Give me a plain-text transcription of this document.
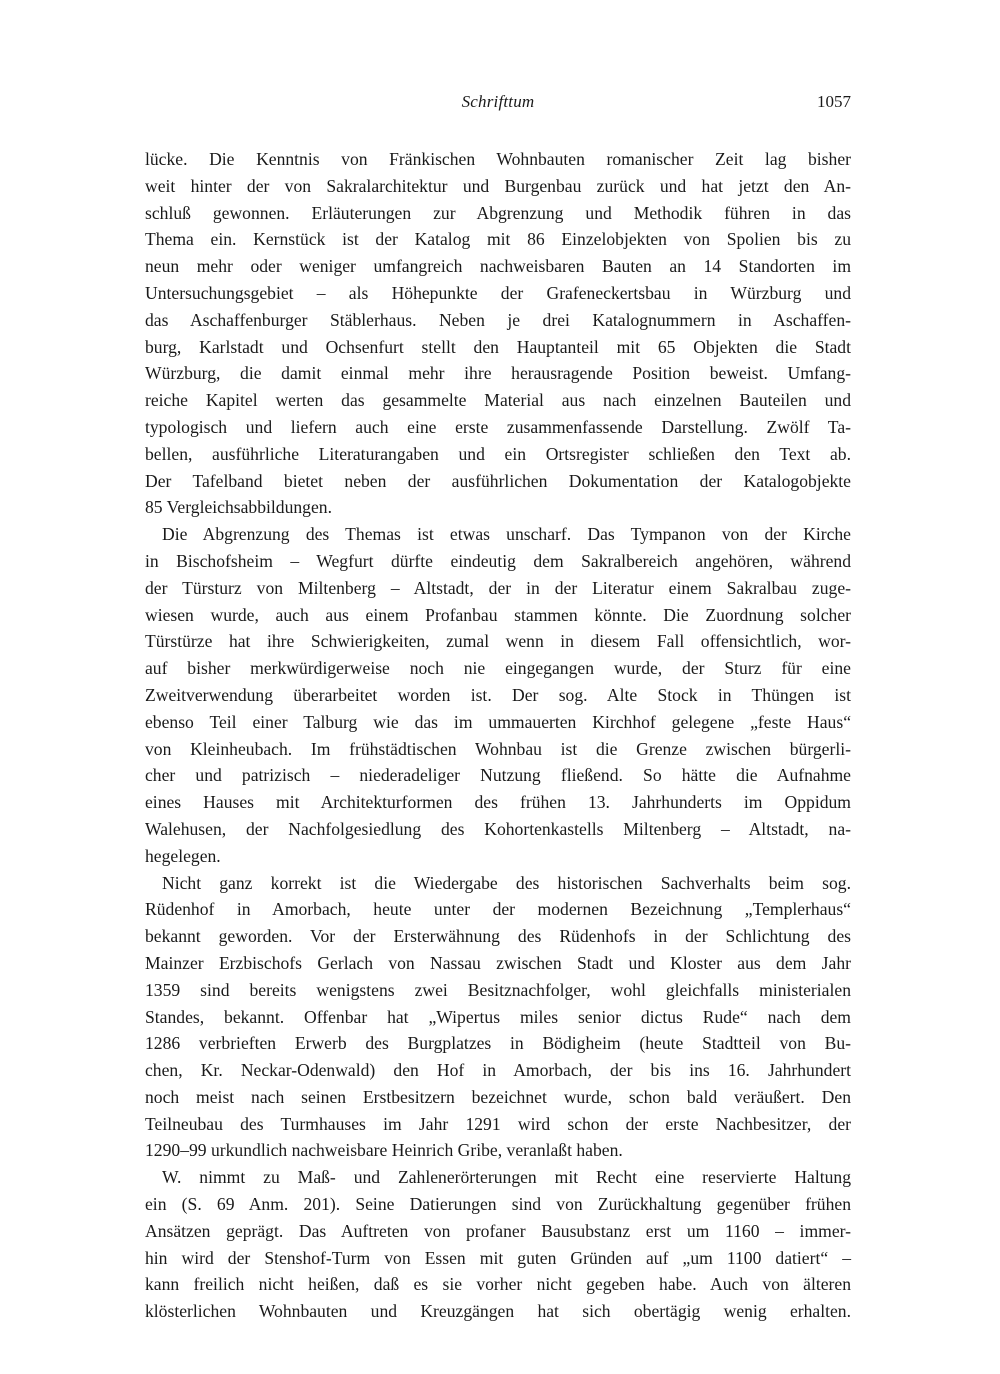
Schrifttum	1057

lücke. Die Kenntnis von Fränkischen Wohnbauten romanischer Zeit lag bisher
weit hinter der von Sakralarchitektur und Burgenbau zurück und hat jetzt den An-
schluß gewonnen. Erläuterungen zur Abgrenzung und Methodik führen in das
Thema ein. Kernstück ist der Katalog mit 86 Einzelobjekten von Spolien bis zu
neun mehr oder weniger umfangreich nachweisbaren Bauten an 14 Standorten im
Untersuchungsgebiet – als Höhepunkte der Grafeneckertsbau in Würzburg und
das Aschaffenburger Stäblerhaus. Neben je drei Katalognummern in Aschaffen-
burg, Karlstadt und Ochsenfurt stellt den Hauptanteil mit 65 Objekten die Stadt
Würzburg, die damit einmal mehr ihre herausragende Position beweist. Umfang-
reiche Kapitel werten das gesammelte Material aus nach einzelnen Bauteilen und
typologisch und liefern auch eine erste zusammenfassende Darstellung. Zwölf Ta-
bellen, ausführliche Literaturangaben und ein Ortsregister schließen den Text ab.
Der Tafelband bietet neben der ausführlichen Dokumentation der Katalogobjekte
85 Vergleichsabbildungen.

Die Abgrenzung des Themas ist etwas unscharf. Das Tympanon von der Kirche
in Bischofsheim – Wegfurt dürfte eindeutig dem Sakralbereich angehören, während
der Türsturz von Miltenberg – Altstadt, der in der Literatur einem Sakralbau zuge-
wiesen wurde, auch aus einem Profanbau stammen könnte. Die Zuordnung solcher
Türstürze hat ihre Schwierigkeiten, zumal wenn in diesem Fall offensichtlich, wor-
auf bisher merkwürdigerweise noch nie eingegangen wurde, der Sturz für eine
Zweitverwendung überarbeitet worden ist. Der sog. Alte Stock in Thüngen ist
ebenso Teil einer Talburg wie das im ummauerten Kirchhof gelegene „feste Haus“
von Kleinheubach. Im frühstädtischen Wohnbau ist die Grenze zwischen bürgerli-
cher und patrizisch – niederadeliger Nutzung fließend. So hätte die Aufnahme
eines Hauses mit Architekturformen des frühen 13. Jahrhunderts im Oppidum
Walehusen, der Nachfolgesiedlung des Kohortenkastells Miltenberg – Altstadt, na-
hegelegen.

Nicht ganz korrekt ist die Wiedergabe des historischen Sachverhalts beim sog.
Rüdenhof in Amorbach, heute unter der modernen Bezeichnung „Templerhaus“
bekannt geworden. Vor der Ersterwähnung des Rüdenhofs in der Schlichtung des
Mainzer Erzbischofs Gerlach von Nassau zwischen Stadt und Kloster aus dem Jahr
1359 sind bereits wenigstens zwei Besitznachfolger, wohl gleichfalls ministerialen
Standes, bekannt. Offenbar hat „Wipertus miles senior dictus Rude“ nach dem
1286 verbrieften Erwerb des Burgplatzes in Bödigheim (heute Stadtteil von Bu-
chen, Kr. Neckar-Odenwald) den Hof in Amorbach, der bis ins 16. Jahrhundert
noch meist nach seinen Erstbesitzern bezeichnet wurde, schon bald veräußert. Den
Teilneubau des Turmhauses im Jahr 1291 wird schon der erste Nachbesitzer, der
1290–99 urkundlich nachweisbare Heinrich Gribe, veranlaßt haben.

W. nimmt zu Maß- und Zahlenerörterungen mit Recht eine reservierte Haltung
ein (S. 69 Anm. 201). Seine Datierungen sind von Zurückhaltung gegenüber frühen
Ansätzen geprägt. Das Auftreten von profaner Bausubstanz erst um 1160 – immer-
hin wird der Stenshof-Turm von Essen mit guten Gründen auf „um 1100 datiert“ –
kann freilich nicht heißen, daß es sie vorher nicht gegeben habe. Auch von älteren
klösterlichen Wohnbauten und Kreuzgängen hat sich obertägig wenig erhalten.
